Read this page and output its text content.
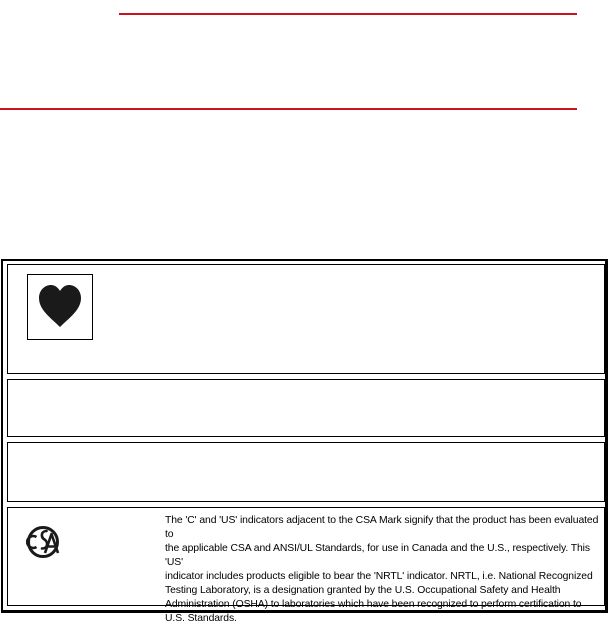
The 'C' and 'US' indicators adjacent to the CSA Mark signify that the product has been evaluated to
the applicable CSA and ANSI/UL Standards, for use in Canada and the U.S., respectively. This 'US'
indicator includes products eligible to bear the 'NRTL' indicator. NRTL, i.e. National Recognized
Testing Laboratory, is a designation granted by the U.S. Occupational Safety and Health
Administration (OSHA) to laboratories which have been recognized to perform certification to
U.S. Standards.
